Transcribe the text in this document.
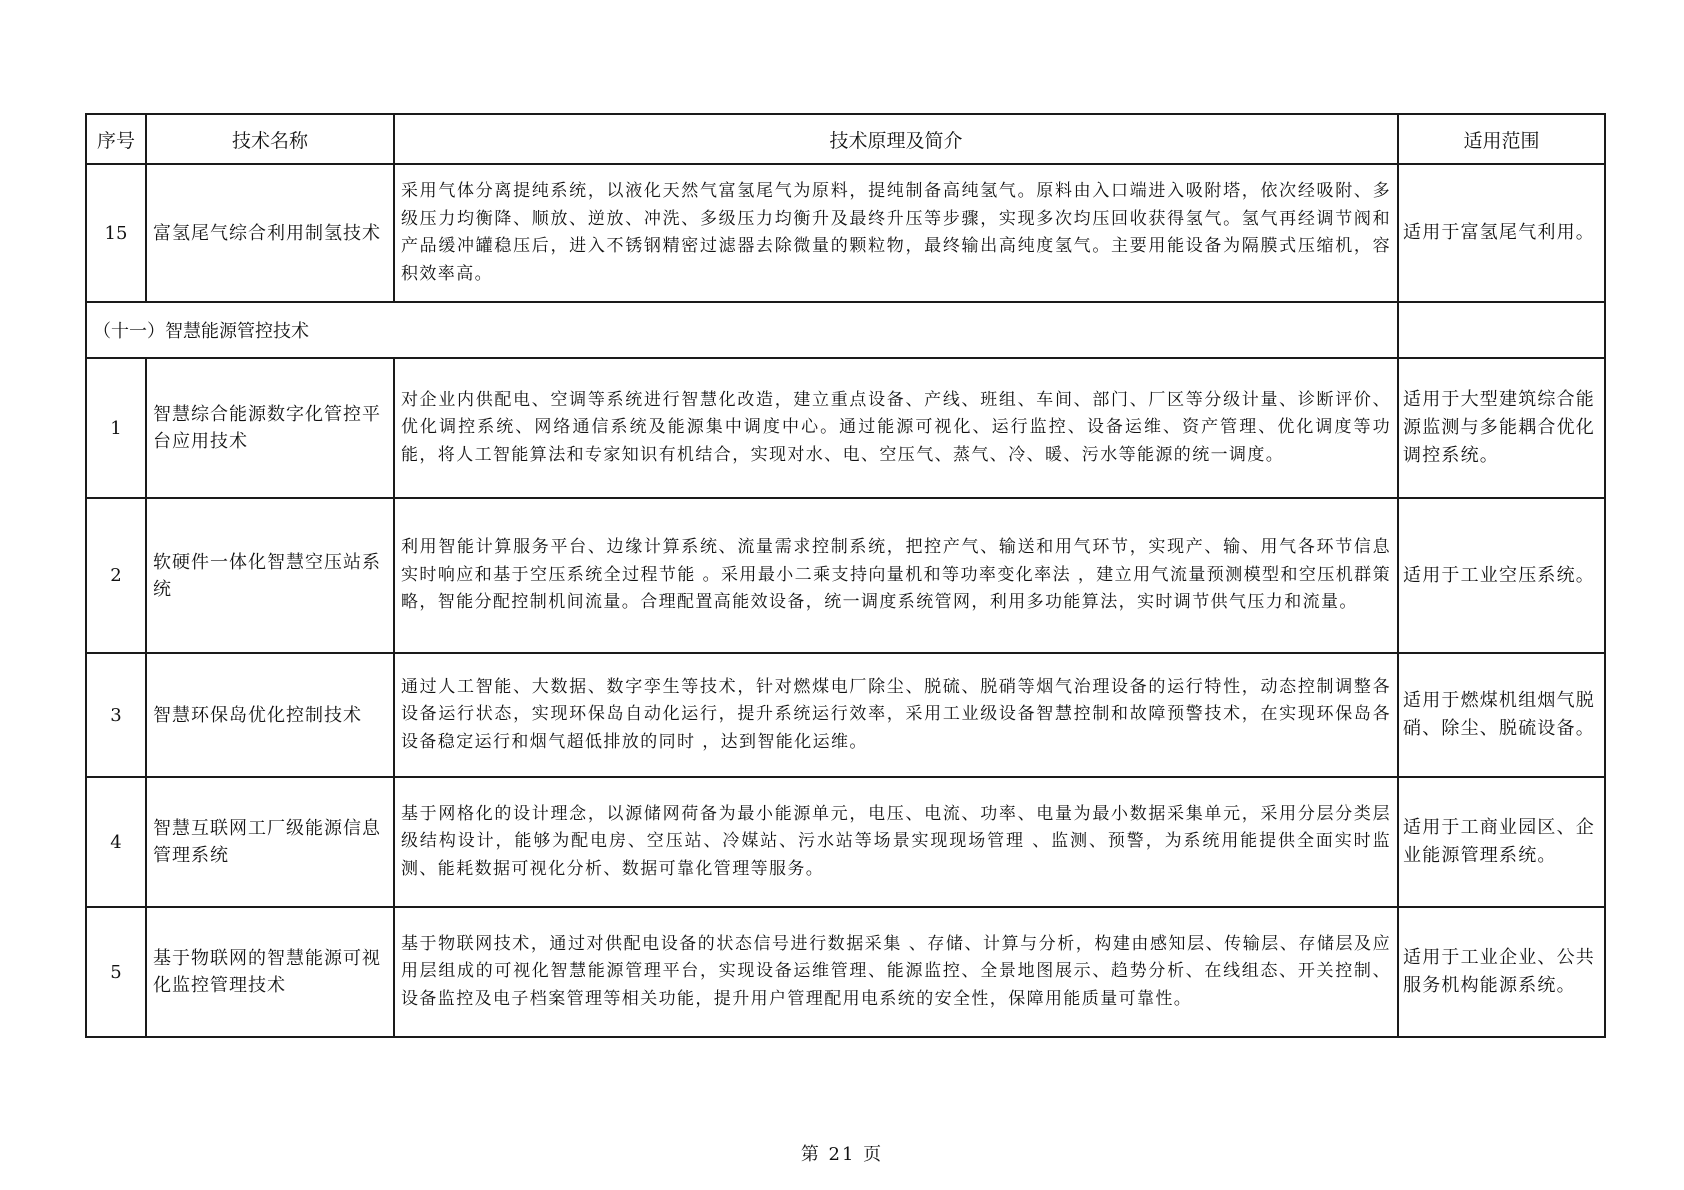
序号	技术名称	技术原理及简介	适用范围
15	富氢尾气综合利用制氢技术	采用气体分离提纯系统，以液化天然气富氢尾气为原料，提纯制备高纯氢气。原料由入口端进入吸附塔，依次经吸附、多级压力均衡降、顺放、逆放、冲洗、多级压力均衡升及最终升压等步骤，实现多次均压回收获得氢气。氢气再经调节阀和产品缓冲罐稳压后，进入不锈钢精密过滤器去除微量的颗粒物，最终输出高纯度氢气。主要用能设备为隔膜式压缩机，容积效率高。	适用于富氢尾气利用。
（十一）智慧能源管控技术			
1	智慧综合能源数字化管控平台应用技术	对企业内供配电、空调等系统进行智慧化改造，建立重点设备、产线、班组、车间、部门、厂区等分级计量、诊断评价、优化调控系统、网络通信系统及能源集中调度中心。通过能源可视化、运行监控、设备运维、资产管理、优化调度等功能，将人工智能算法和专家知识有机结合，实现对水、电、空压气、蒸气、冷、暖、污水等能源的统一调度。	适用于大型建筑综合能源监测与多能耦合优化调控系统。
2	软硬件一体化智慧空压站系统	利用智能计算服务平台、边缘计算系统、流量需求控制系统，把控产气、输送和用气环节，实现产、输、用气各环节信息实时响应和基于空压系统全过程节能 。采用最小二乘支持向量机和等功率变化率法 ，建立用气流量预测模型和空压机群策略，智能分配控制机间流量。合理配置高能效设备，统一调度系统管网，利用多功能算法，实时调节供气压力和流量。	适用于工业空压系统。
3	智慧环保岛优化控制技术	通过人工智能、大数据、数字孪生等技术，针对燃煤电厂除尘、脱硫、脱硝等烟气治理设备的运行特性，动态控制调整各设备运行状态，实现环保岛自动化运行，提升系统运行效率，采用工业级设备智慧控制和故障预警技术，在实现环保岛各设备稳定运行和烟气超低排放的同时 ，达到智能化运维。	适用于燃煤机组烟气脱硝、除尘、脱硫设备。
4	智慧互联网工厂级能源信息管理系统	基于网格化的设计理念，以源储网荷备为最小能源单元，电压、电流、功率、电量为最小数据采集单元，采用分层分类层级结构设计，能够为配电房、空压站、冷媒站、污水站等场景实现现场管理 、监测、预警，为系统用能提供全面实时监测、能耗数据可视化分析、数据可靠化管理等服务。	适用于工商业园区、企业能源管理系统。
5	基于物联网的智慧能源可视化监控管理技术	基于物联网技术，通过对供配电设备的状态信号进行数据采集 、存储、计算与分析，构建由感知层、传输层、存储层及应用层组成的可视化智慧能源管理平台，实现设备运维管理、能源监控、全景地图展示、趋势分析、在线组态、开关控制、设备监控及电子档案管理等相关功能，提升用户管理配用电系统的安全性，保障用能质量可靠性。	适用于工业企业、公共服务机构能源系统。
第 21 页
